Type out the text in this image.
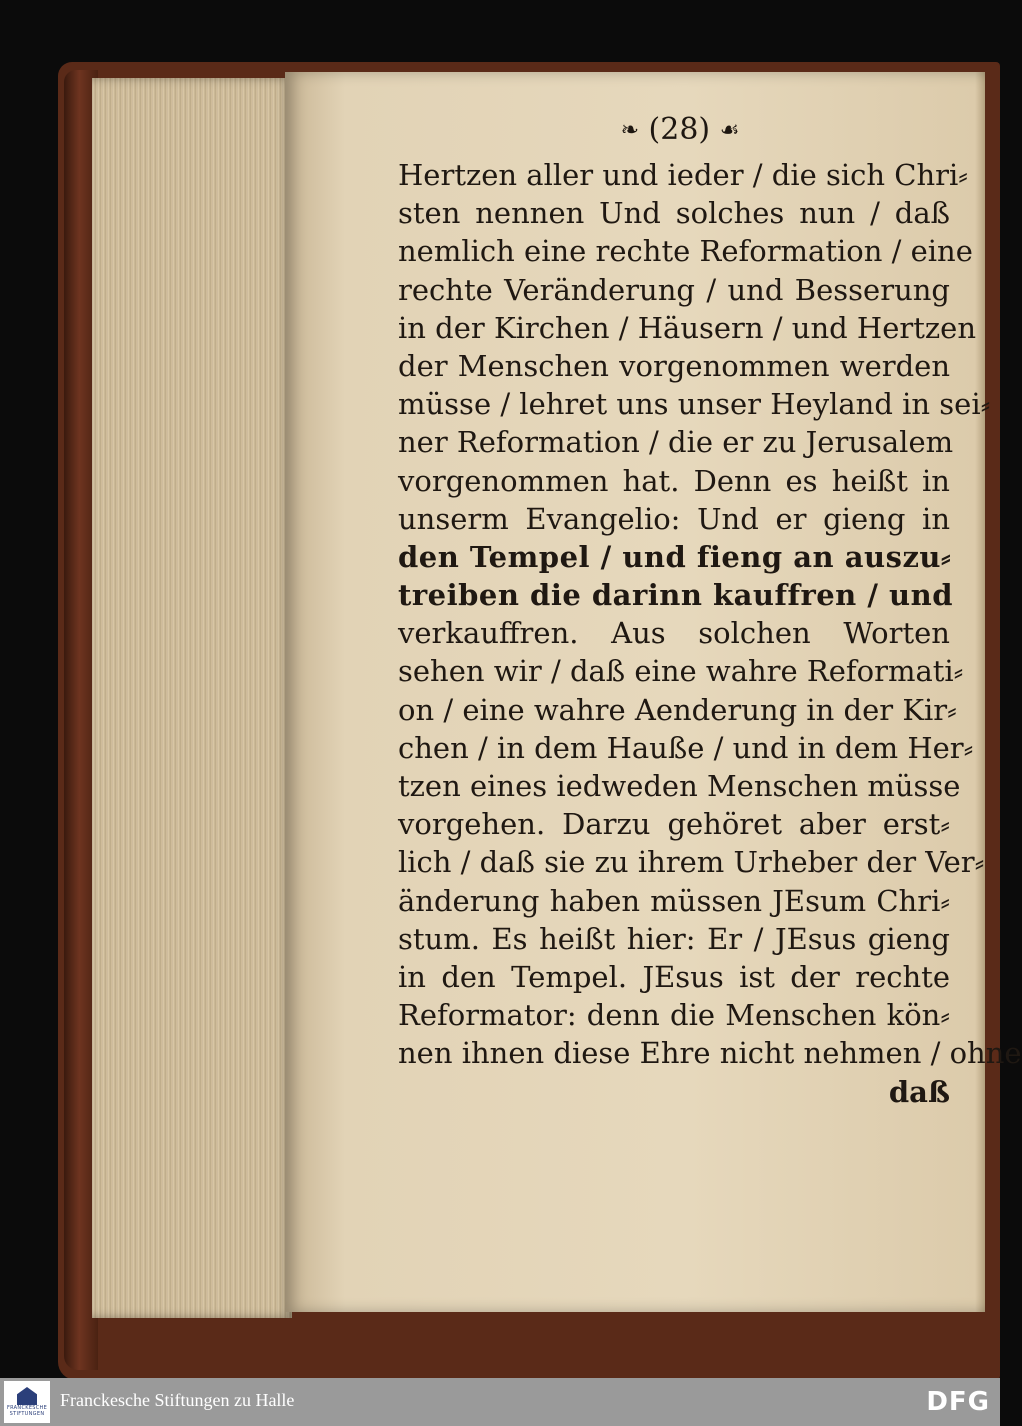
❧ (28) ☙
Hertzen aller und ieder / die sich Chri⸗
sten nennen Und solches nun / daß
nemlich eine rechte Reformation / eine
rechte Veränderung / und Besserung
in der Kirchen / Häusern / und Hertzen
der Menschen vorgenommen werden
müsse / lehret uns unser Heyland in sei⸗
ner Reformation / die er zu Jerusalem
vorgenommen hat. Denn es heißt in
unserm Evangelio: Und er gieng in
den Tempel / und fieng an auszu⸗
treiben die darinn kauffren / und
verkauffren. Aus solchen Worten
sehen wir / daß eine wahre Reformati⸗
on / eine wahre Aenderung in der Kir⸗
chen / in dem Hauße / und in dem Her⸗
tzen eines iedweden Menschen müsse
vorgehen. Darzu gehöret aber erst⸗
lich / daß sie zu ihrem Urheber der Ver⸗
änderung haben müssen JEsum Chri⸗
stum. Es heißt hier: Er / JEsus gieng
in den Tempel. JEsus ist der rechte
Reformator: denn die Menschen kön⸗
nen ihnen diese Ehre nicht nehmen / ohne
daß
FRANCKESCHE
STIFTUNGEN
Franckesche Stiftungen zu Halle	DFG
